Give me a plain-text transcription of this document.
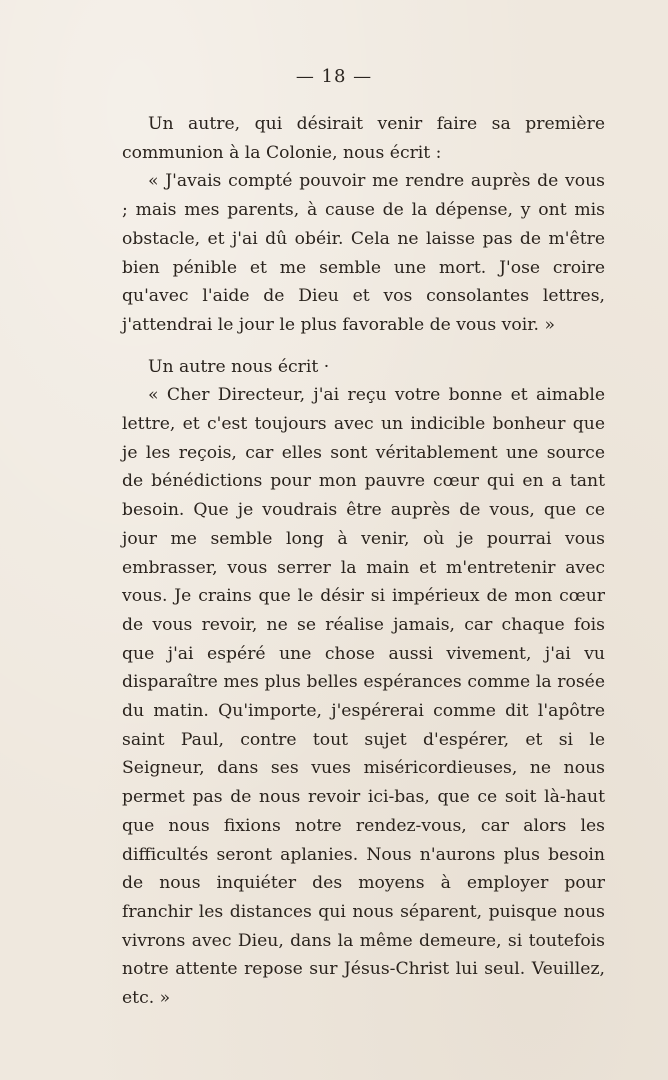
— 18 —

Un autre, qui désirait venir faire sa première communion à la Colonie, nous écrit :

« J'avais compté pouvoir me rendre auprès de vous ; mais mes parents, à cause de la dépense, y ont mis obstacle, et j'ai dû obéir. Cela ne laisse pas de m'être bien pénible et me semble une mort. J'ose croire qu'avec l'aide de Dieu et vos consolantes lettres, j'attendrai le jour le plus favorable de vous voir. »

Un autre nous écrit ·

« Cher Directeur, j'ai reçu votre bonne et aimable lettre, et c'est toujours avec un indicible bonheur que je les reçois, car elles sont véritablement une source de bénédictions pour mon pauvre cœur qui en a tant besoin. Que je voudrais être auprès de vous, que ce jour me semble long à venir, où je pourrai vous embrasser, vous serrer la main et m'entretenir avec vous. Je crains que le désir si impérieux de mon cœur de vous revoir, ne se réalise jamais, car chaque fois que j'ai espéré une chose aussi vivement, j'ai vu disparaître mes plus belles espérances comme la rosée du matin. Qu'importe, j'espérerai comme dit l'apôtre saint Paul, contre tout sujet d'espérer, et si le Seigneur, dans ses vues miséricordieuses, ne nous permet pas de nous revoir ici-bas, que ce soit là-haut que nous fixions notre rendez-vous, car alors les difficultés seront aplanies. Nous n'aurons plus besoin de nous inquiéter des moyens à employer pour franchir les distances qui nous séparent, puisque nous vivrons avec Dieu, dans la même demeure, si toutefois notre attente repose sur Jésus-Christ lui seul. Veuillez, etc. »
